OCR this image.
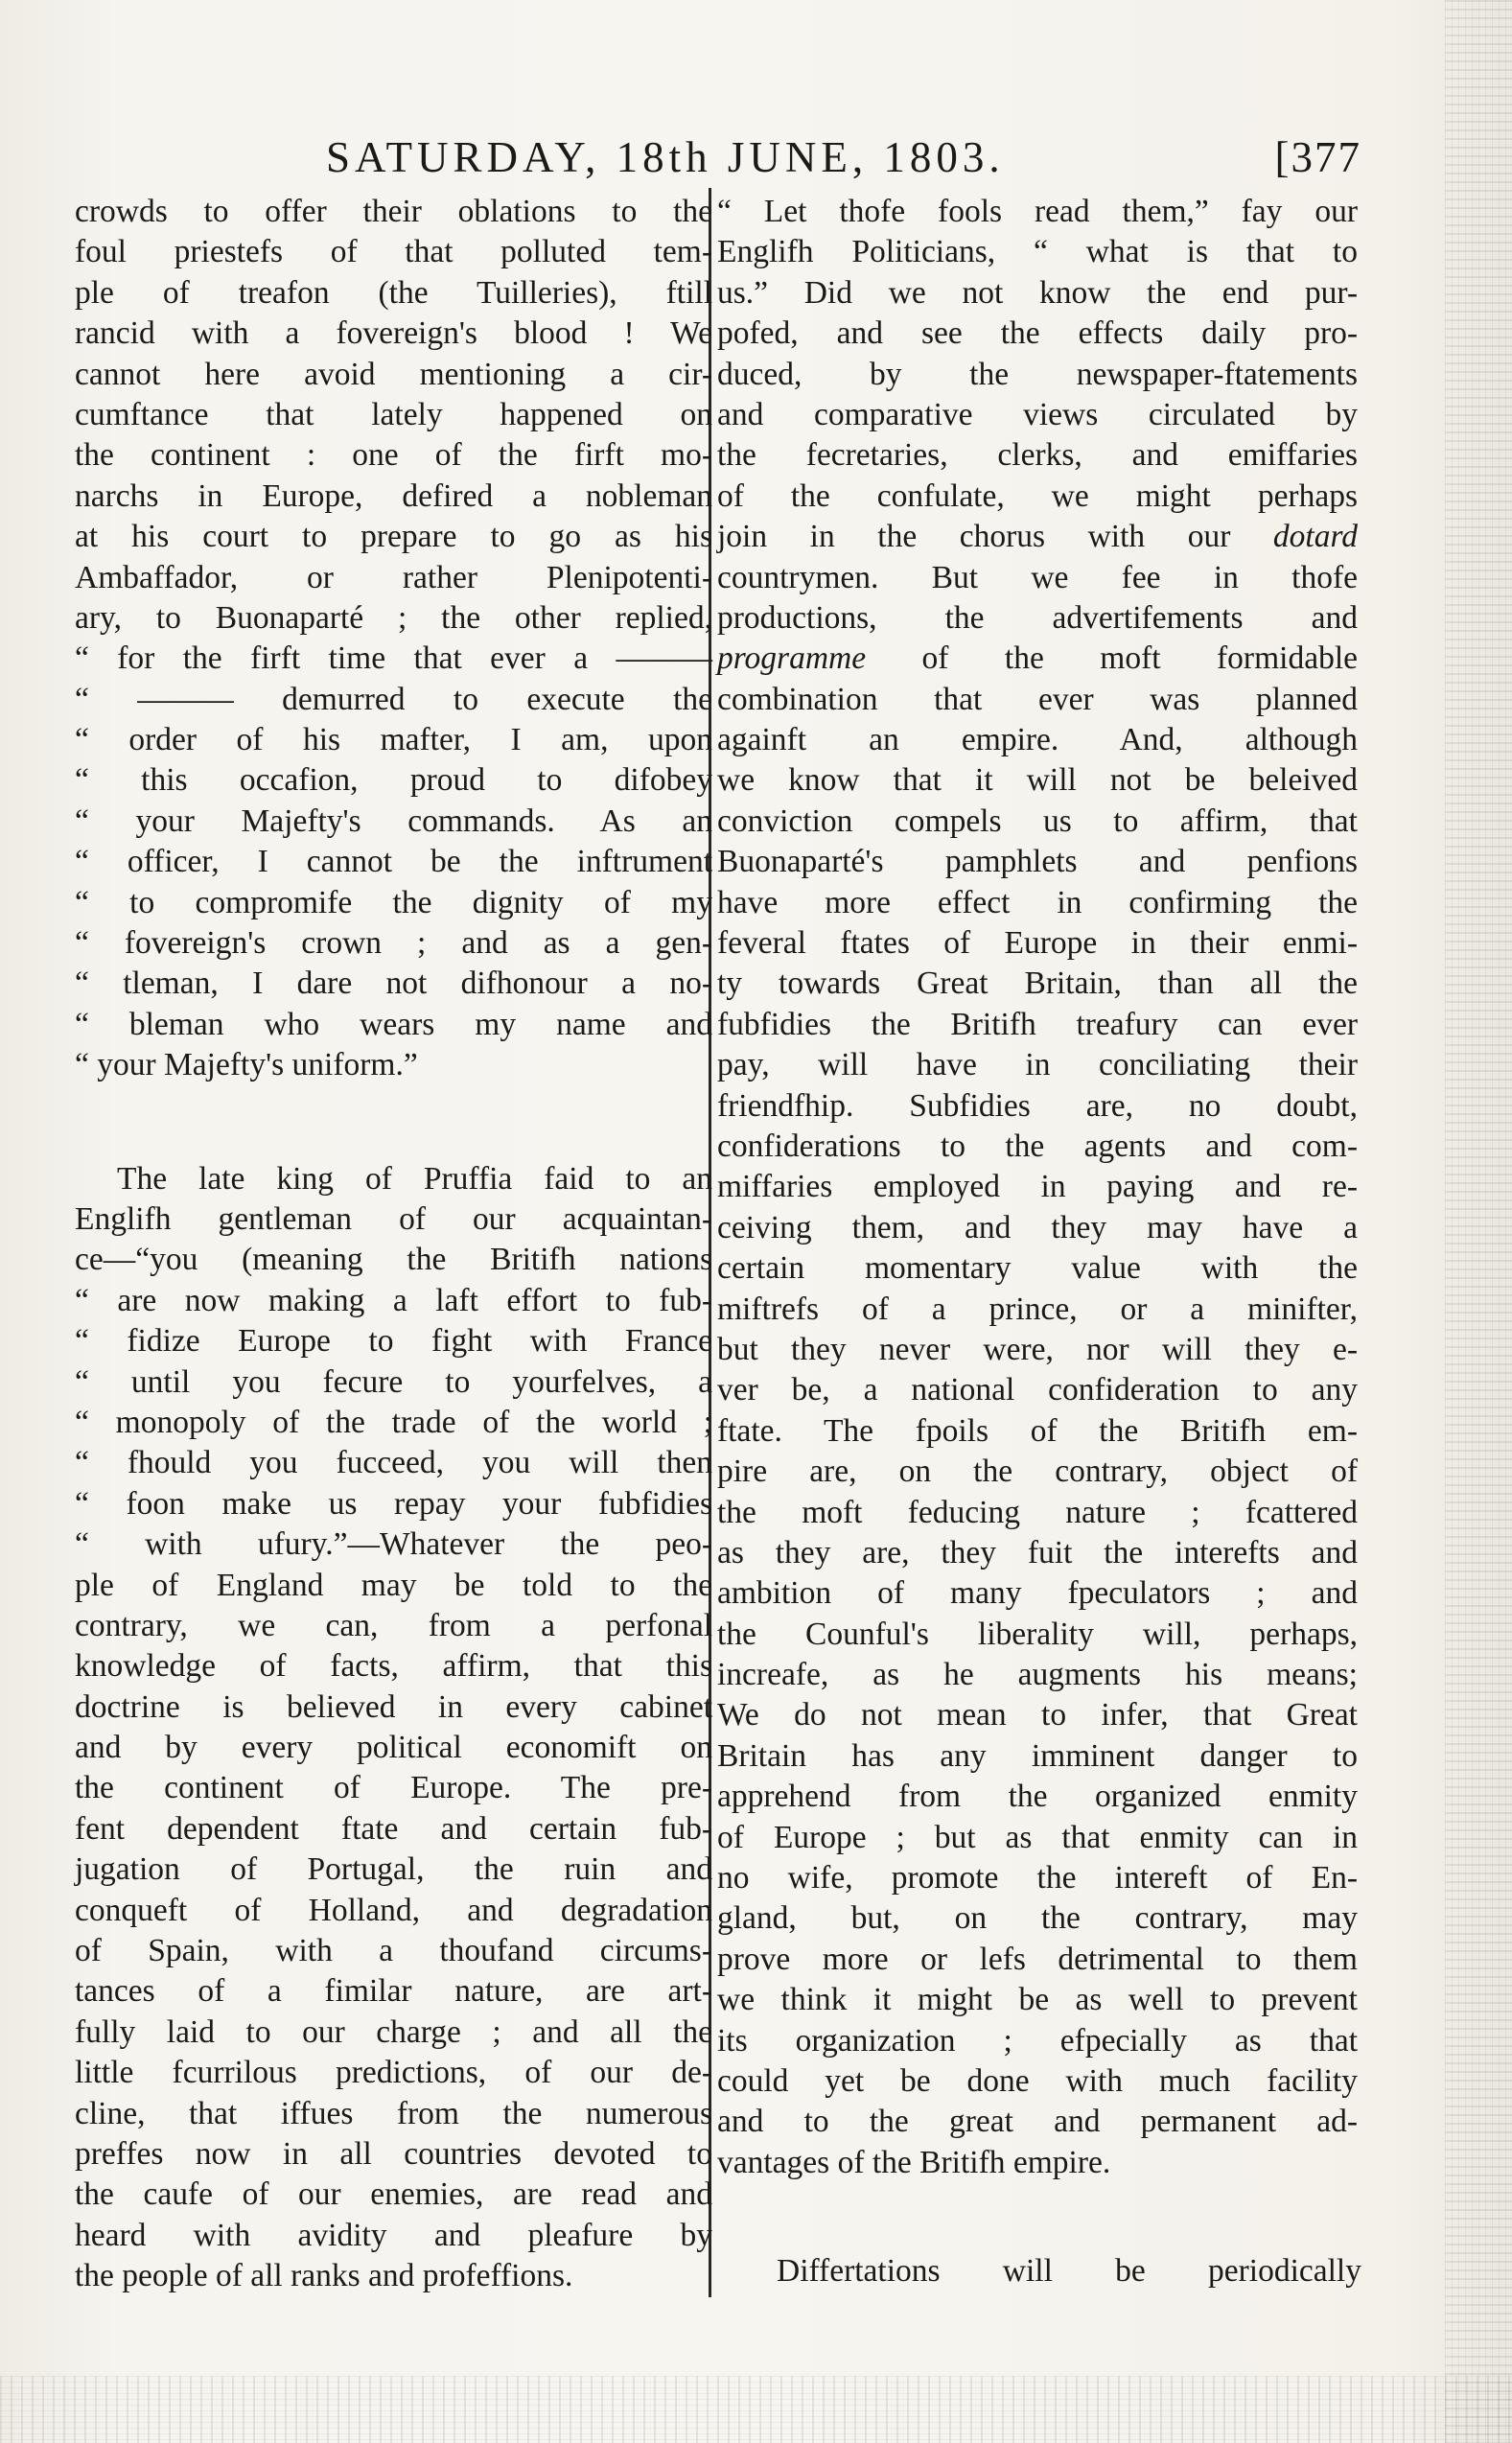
SATURDAY, 18th JUNE, 1803.	[377
crowds to offer their oblations to the
foul priestefs of that polluted tem-
ple of treafon (the Tuilleries), ftill
rancid with a fovereign's blood ! We
cannot here avoid mentioning a cir-
cumftance that lately happened on
the continent : one of the firft mo-
narchs in Europe, defired a nobleman
at his court to prepare to go as his
Ambaffador, or rather Plenipotenti-
ary, to Buonaparté ; the other replied,
“ for the firft time that ever a ———
“ ——— demurred to execute the
“ order of his mafter, I am, upon
“ this occafion, proud to difobey
“ your Majefty's commands. As an
“ officer, I cannot be the inftrument
“ to compromife the dignity of my
“ fovereign's crown ; and as a gen-
“ tleman, I dare not difhonour a no-
“ bleman who wears my name and
“ your Majefty's uniform.”
The late king of Pruffia faid to an
Englifh gentleman of our acquaintan-
ce—“you (meaning the Britifh nations
“ are now making a laft effort to fub-
“ fidize Europe to fight with France
“ until you fecure to yourfelves, a
“ monopoly of the trade of the world ;
“ fhould you fucceed, you will then
“ foon make us repay your fubfidies
“ with ufury.”—Whatever the peo-
ple of England may be told to the
contrary, we can, from a perfonal
knowledge of facts, affirm, that this
doctrine is believed in every cabinet
and by every political economift on
the continent of Europe. The pre-
fent dependent ftate and certain fub-
jugation of Portugal, the ruin and
conqueft of Holland, and degradation
of Spain, with a thoufand circums-
tances of a fimilar nature, are art-
fully laid to our charge ; and all the
little fcurrilous predictions, of our de-
cline, that iffues from the numerous
preffes now in all countries devoted to
the caufe of our enemies, are read and
heard with avidity and pleafure by
the people of all ranks and profeffions.
“ Let thofe fools read them,” fay our
Englifh Politicians, “ what is that to
us.” Did we not know the end pur-
pofed, and see the effects daily pro-
duced, by the newspaper-ftatements
and comparative views circulated by
the fecretaries, clerks, and emiffaries
of the confulate, we might perhaps
join in the chorus with our dotard
countrymen. But we fee in thofe
productions, the advertifements and
programme of the moft formidable
combination that ever was planned
againft an empire. And, although
we know that it will not be beleived
conviction compels us to affirm, that
Buonaparté's pamphlets and penfions
have more effect in confirming the
feveral ftates of Europe in their enmi-
ty towards Great Britain, than all the
fubfidies the Britifh treafury can ever
pay, will have in conciliating their
friendfhip. Subfidies are, no doubt,
confiderations to the agents and com-
miffaries employed in paying and re-
ceiving them, and they may have a
certain momentary value with the
miftrefs of a prince, or a minifter,
but they never were, nor will they e-
ver be, a national confideration to any
ftate. The fpoils of the Britifh em-
pire are, on the contrary, object of
the moft feducing nature ; fcattered
as they are, they fuit the interefts and
ambition of many fpeculators ; and
the Counful's liberality will, perhaps,
increafe, as he augments his means;
We do not mean to infer, that Great
Britain has any imminent danger to
apprehend from the organized enmity
of Europe ; but as that enmity can in
no wife, promote the intereft of En-
gland, but, on the contrary, may
prove more or lefs detrimental to them
we think it might be as well to prevent
its organization ; efpecially as that
could yet be done with much facility
and to the great and permanent ad-
vantages of the Britifh empire.
Differtations will be periodically
